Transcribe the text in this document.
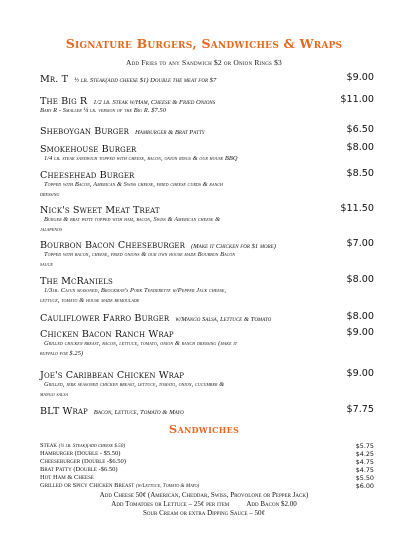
Signature Burgers, Sandwiches & Wraps
Add Fries to any Sandwich $2 or Onion Rings $3
Mr. T ½ lb. Steak(add cheese $1) Double the meat for $7	$9.00
The Big R 1/2 lb. Steak w/Ham, Cheese & Fried Onions	$11.00
Baby R - Smaller ¼ lb. version of the Big R. $7.50
Sheboygan Burger Hamburger & Brat Patty	$6.50
Smokehouse Burger	$8.00
1/4 lb. steak sandwich topped with cheese, bacon, onion rings & our house BBQ
Cheesehead Burger	$8.50
Topped with Bacon, American & Swiss cheese, fried cheese curds & ranch
dressing
Nick's Sweet Meat Treat	$11.50
Burger & brat patty topped with ham, bacon, Swiss & American cheese &
jalapenos
Bourbon Bacon Cheeseburger (Make it Chicken for $1 more)	$7.00
Topped with bacon, cheese, fried onions & our own house made Bourbon Bacon
sauce
The McRaniels	$8.00
1/3lb. Cajun seasoned, Brockman's Pork Tenderette w/Pepper Jack cheese,
lettuce, tomato & house made remoulade
Cauliflower Farro Burger w/Mango Salsa, Lettuce & Tomato	$8.00
Chicken Bacon Ranch Wrap	$9.00
Grilled chicken breast, bacon, lettuce, tomato, onion & ranch dressing (make it
buffalo for $.25)
Joe's Caribbean Chicken Wrap	$9.00
Grilled, jerk seasoned chicken breast, lettuce, tomato, onion, cucumber &
mango salsa
BLT Wrap Bacon, Lettuce, Tomato & Mayo	$7.75
Sandwiches
Steak (½ lb. Steak)(add cheese $.50)	$5.75
Hamburger (Double - $5.50)	$4.25
Cheeseburger (Double -$6.50)	$4.75
Brat Patty (Double -$6.50)	$4.75
Hot Ham & Cheese	$5.50
Grilled or Spicy Chicken Breast (w/Lettuce, Tomato & Mayo)	$6.00
Add Cheese 50¢ (American, Cheddar, Swiss, Provolone or Pepper Jack)
Add Tomatoes or Lettuce – 25¢ per item          Add Bacon $2.00
Sour Cream or extra Dipping Sauce – 50¢
